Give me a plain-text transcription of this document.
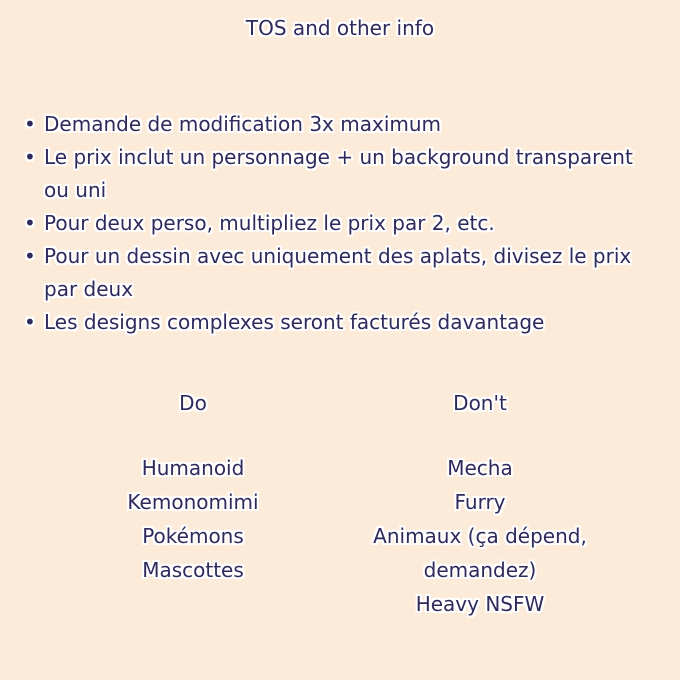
TOS and other info
• Demande de modification 3x maximum
• Le prix inclut un personnage + un background transparent ou uni
• Pour deux perso, multipliez le prix par 2, etc.
• Pour un dessin avec uniquement des aplats, divisez le prix par deux
• Les designs complexes seront facturés davantage
Do
Humanoid
Kemonomimi
Pokémons
Mascottes
Don't
Mecha
Furry
Animaux (ça dépend,
demandez)
Heavy NSFW
